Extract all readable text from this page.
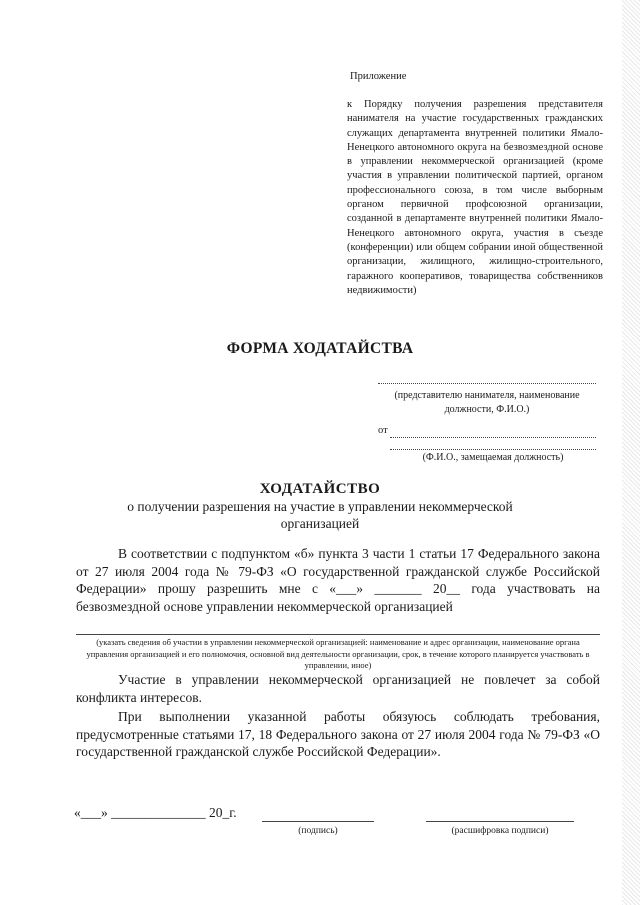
Приложение
к Порядку получения разрешения представителя нанимателя на участие государственных гражданских служащих департамента внутренней политики Ямало-Ненецкого автономного округа на безвозмездной основе в управлении некоммерческой организацией (кроме участия в управлении политической партией, органом профессионального союза, в том числе выборным органом первичной профсоюзной организации, созданной в департаменте внутренней политики Ямало-Ненецкого автономного округа, участия в съезде (конференции) или общем собрании иной общественной организации, жилищного, жилищно-строительного, гаражного кооперативов, товарищества собственников недвижимости)
ФОРМА ХОДАТАЙСТВА
(представителю нанимателя, наименование должности, Ф.И.О.)
от
(Ф.И.О., замещаемая должность)
ХОДАТАЙСТВО
о получении разрешения на участие в управлении некоммерческой организацией
В соответствии с подпунктом «б» пункта 3 части 1 статьи 17 Федерального закона от 27 июля 2004 года № 79-ФЗ «О государственной гражданской службе Российской Федерации» прошу разрешить мне с «___» _______ 20__ года участвовать на безвозмездной основе управлении некоммерческой организацией
(указать сведения об участии в управлении некоммерческой организацией: наименование и адрес организации, наименование органа управления организацией и его полномочия, основной вид деятельности организации, срок, в течение которого планируется участвовать в управлении, иное)
Участие в управлении некоммерческой организацией не повлечет за собой конфликта интересов.
При выполнении указанной работы обязуюсь соблюдать требования, предусмотренные статьями 17, 18 Федерального закона от 27 июля 2004 года № 79-ФЗ «О государственной гражданской службе Российской Федерации».
«___» ______________ 20_г.
(подпись)	(расшифровка подписи)
